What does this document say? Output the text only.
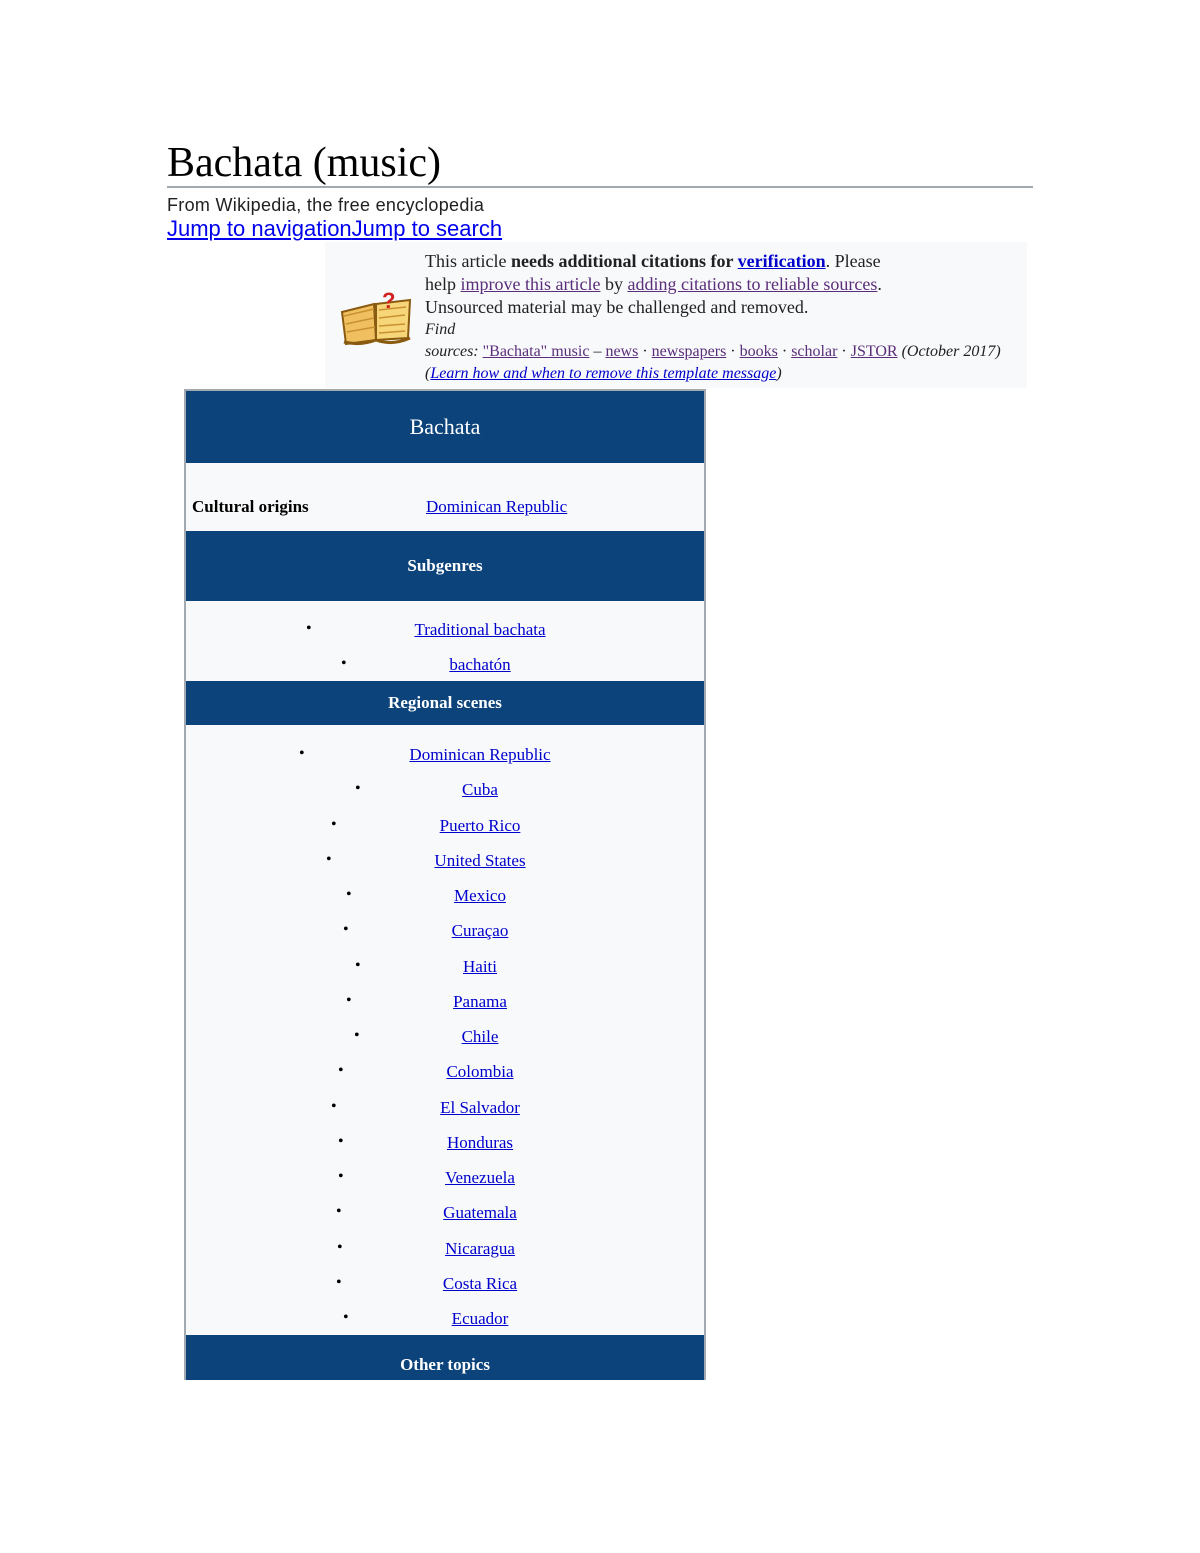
Bachata (music)
From Wikipedia, the free encyclopedia
Jump to navigationJump to search
?
This article needs additional citations for verification. Please
help improve this article by adding citations to reliable sources.
Unsourced material may be challenged and removed.
Find
sources: "Bachata" music – news · newspapers · books · scholar · JSTOR (October 2017) (Learn how and when to remove this template message)
Bachata
Cultural origins	Dominican Republic
Subgenres
•	Traditional bachata
•	bachatón
Regional scenes
•	Dominican Republic
•	Cuba
•	Puerto Rico
•	United States
•	Mexico
•	Curaçao
•	Haiti
•	Panama
•	Chile
•	Colombia
•	El Salvador
•	Honduras
•	Venezuela
•	Guatemala
•	Nicaragua
•	Costa Rica
•	Ecuador
Other topics
